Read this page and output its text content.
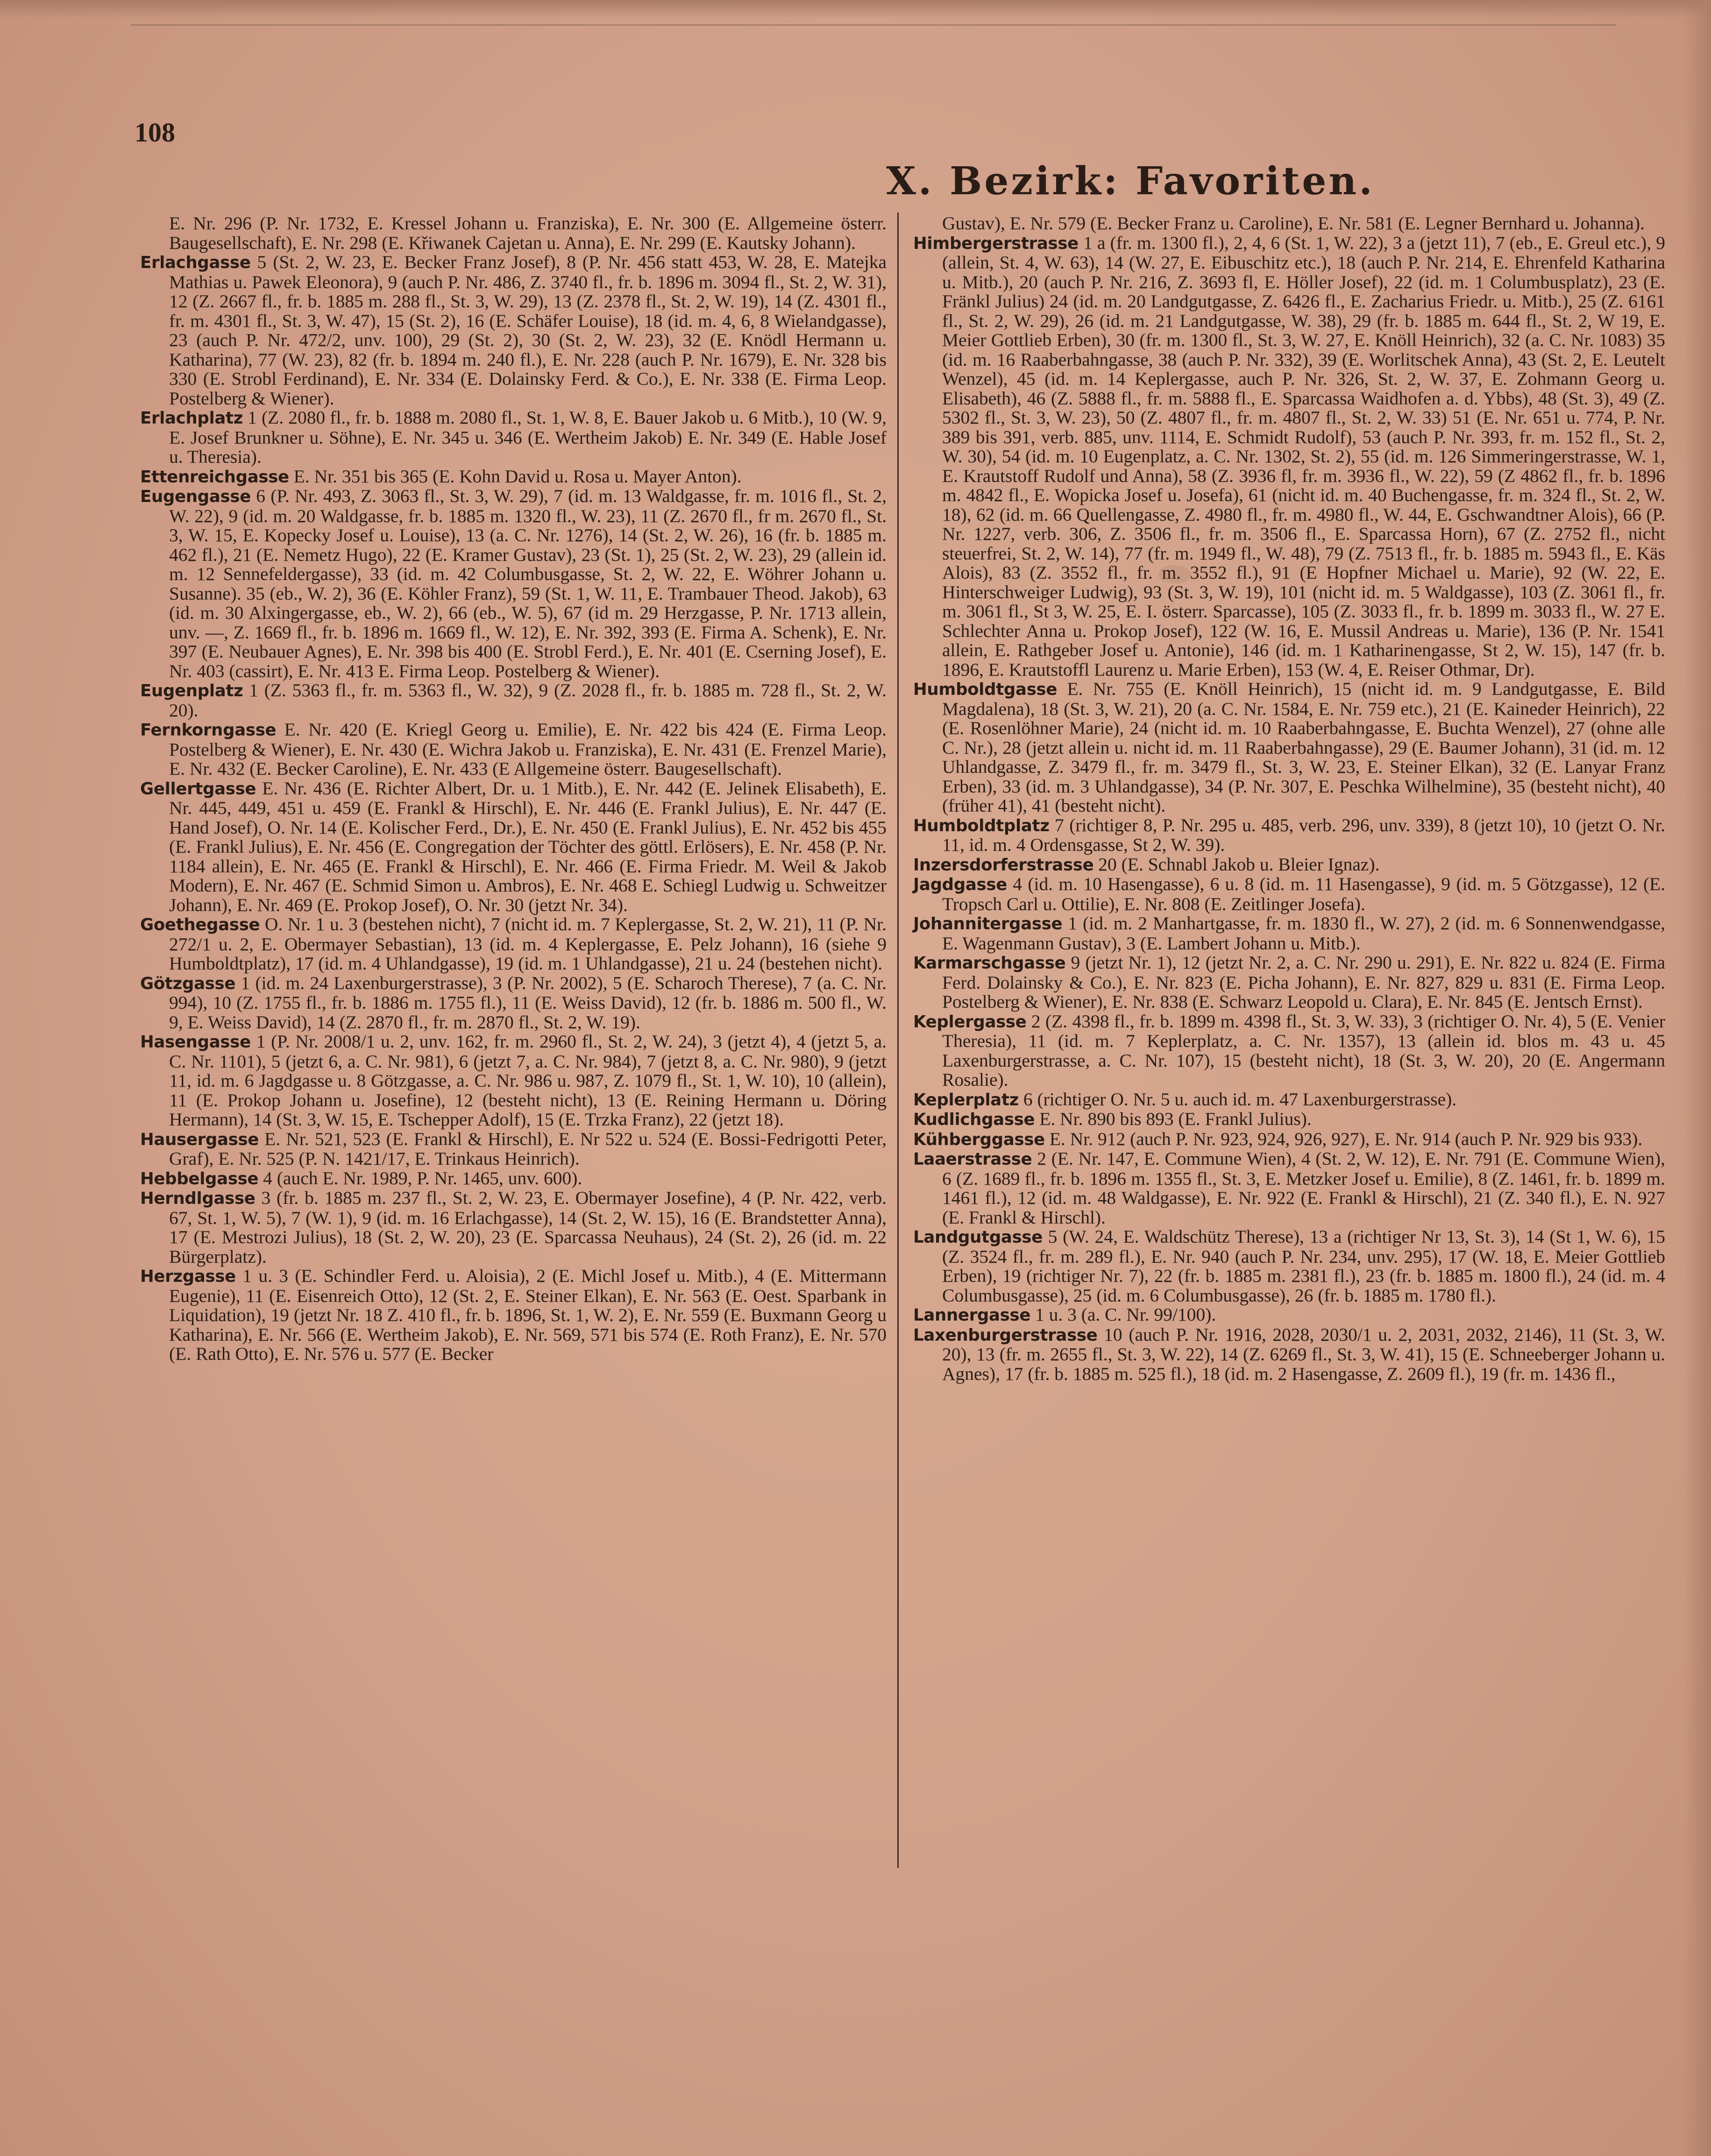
108
X. Bezirk: Favoriten.

E. Nr. 296 (P. Nr. 1732, E. Kressel Johann u. Franziska), E. Nr. 300 (E. Allgemeine österr. Baugesellschaft), E. Nr. 298 (E. Křiwanek Cajetan u. Anna), E. Nr. 299 (E. Kautsky Johann).

Erlachgasse 5 (St. 2, W. 23, E. Becker Franz Josef), 8 (P. Nr. 456 statt 453, W. 28, E. Matejka Mathias u. Pawek Eleonora), 9 (auch P. Nr. 486, Z. 3740 fl., fr. b. 1896 m. 3094 fl., St. 2, W. 31), 12 (Z. 2667 fl., fr. b. 1885 m. 288 fl., St. 3, W. 29), 13 (Z. 2378 fl., St. 2, W. 19), 14 (Z. 4301 fl., fr. m. 4301 fl., St. 3, W. 47), 15 (St. 2), 16 (E. Schäfer Louise), 18 (id. m. 4, 6, 8 Wielandgasse), 23 (auch P. Nr. 472/2, unv. 100), 29 (St. 2), 30 (St. 2, W. 23), 32 (E. Knödl Hermann u. Katharina), 77 (W. 23), 82 (fr. b. 1894 m. 240 fl.), E. Nr. 228 (auch P. Nr. 1679), E. Nr. 328 bis 330 (E. Strobl Ferdinand), E. Nr. 334 (E. Dolainsky Ferd. & Co.), E. Nr. 338 (E. Firma Leop. Postelberg & Wiener).

Erlachplatz 1 (Z. 2080 fl., fr. b. 1888 m. 2080 fl., St. 1, W. 8, E. Bauer Jakob u. 6 Mitb.), 10 (W. 9, E. Josef Brunkner u. Söhne), E. Nr. 345 u. 346 (E. Wertheim Jakob) E. Nr. 349 (E. Hable Josef u. Theresia).

Ettenreichgasse E. Nr. 351 bis 365 (E. Kohn David u. Rosa u. Mayer Anton).

Eugengasse 6 (P. Nr. 493, Z. 3063 fl., St. 3, W. 29), 7 (id. m. 13 Waldgasse, fr. m. 1016 fl., St. 2, W. 22), 9 (id. m. 20 Waldgasse, fr. b. 1885 m. 1320 fl., W. 23), 11 (Z. 2670 fl., fr m. 2670 fl., St. 3, W. 15, E. Kopecky Josef u. Louise), 13 (a. C. Nr. 1276), 14 (St. 2, W. 26), 16 (fr. b. 1885 m. 462 fl.), 21 (E. Nemetz Hugo), 22 (E. Kramer Gustav), 23 (St. 1), 25 (St. 2, W. 23), 29 (allein id. m. 12 Sennefeldergasse), 33 (id. m. 42 Columbusgasse, St. 2, W. 22, E. Wöhrer Johann u. Susanne). 35 (eb., W. 2), 36 (E. Köhler Franz), 59 (St. 1, W. 11, E. Trambauer Theod. Jakob), 63 (id. m. 30 Alxingergasse, eb., W. 2), 66 (eb., W. 5), 67 (id m. 29 Herzgasse, P. Nr. 1713 allein, unv. —, Z. 1669 fl., fr. b. 1896 m. 1669 fl., W. 12), E. Nr. 392, 393 (E. Firma A. Schenk), E. Nr. 397 (E. Neubauer Agnes), E. Nr. 398 bis 400 (E. Strobl Ferd.), E. Nr. 401 (E. Cserning Josef), E. Nr. 403 (cassirt), E. Nr. 413 E. Firma Leop. Postelberg & Wiener).

Eugenplatz 1 (Z. 5363 fl., fr. m. 5363 fl., W. 32), 9 (Z. 2028 fl., fr. b. 1885 m. 728 fl., St. 2, W. 20).

Fernkorngasse E. Nr. 420 (E. Kriegl Georg u. Emilie), E. Nr. 422 bis 424 (E. Firma Leop. Postelberg & Wiener), E. Nr. 430 (E. Wichra Jakob u. Franziska), E. Nr. 431 (E. Frenzel Marie), E. Nr. 432 (E. Becker Caroline), E. Nr. 433 (E Allgemeine österr. Baugesellschaft).

Gellertgasse E. Nr. 436 (E. Richter Albert, Dr. u. 1 Mitb.), E. Nr. 442 (E. Jelinek Elisabeth), E. Nr. 445, 449, 451 u. 459 (E. Frankl & Hirschl), E. Nr. 446 (E. Frankl Julius), E. Nr. 447 (E. Hand Josef), O. Nr. 14 (E. Kolischer Ferd., Dr.), E. Nr. 450 (E. Frankl Julius), E. Nr. 452 bis 455 (E. Frankl Julius), E. Nr. 456 (E. Congregation der Töchter des göttl. Erlösers), E. Nr. 458 (P. Nr. 1184 allein), E. Nr. 465 (E. Frankl & Hirschl), E. Nr. 466 (E. Firma Friedr. M. Weil & Jakob Modern), E. Nr. 467 (E. Schmid Simon u. Ambros), E. Nr. 468 E. Schiegl Ludwig u. Schweitzer Johann), E. Nr. 469 (E. Prokop Josef), O. Nr. 30 (jetzt Nr. 34).

Goethegasse O. Nr. 1 u. 3 (bestehen nicht), 7 (nicht id. m. 7 Keplergasse, St. 2, W. 21), 11 (P. Nr. 272/1 u. 2, E. Obermayer Sebastian), 13 (id. m. 4 Keplergasse, E. Pelz Johann), 16 (siehe 9 Humboldtplatz), 17 (id. m. 4 Uhlandgasse), 19 (id. m. 1 Uhlandgasse), 21 u. 24 (bestehen nicht).

Götzgasse 1 (id. m. 24 Laxenburgerstrasse), 3 (P. Nr. 2002), 5 (E. Scharoch Therese), 7 (a. C. Nr. 994), 10 (Z. 1755 fl., fr. b. 1886 m. 1755 fl.), 11 (E. Weiss David), 12 (fr. b. 1886 m. 500 fl., W. 9, E. Weiss David), 14 (Z. 2870 fl., fr. m. 2870 fl., St. 2, W. 19).

Hasengasse 1 (P. Nr. 2008/1 u. 2, unv. 162, fr. m. 2960 fl., St. 2, W. 24), 3 (jetzt 4), 4 (jetzt 5, a. C. Nr. 1101), 5 (jetzt 6, a. C. Nr. 981), 6 (jetzt 7, a. C. Nr. 984), 7 (jetzt 8, a. C. Nr. 980), 9 (jetzt 11, id. m. 6 Jagdgasse u. 8 Götzgasse, a. C. Nr. 986 u. 987, Z. 1079 fl., St. 1, W. 10), 10 (allein), 11 (E. Prokop Johann u. Josefine), 12 (besteht nicht), 13 (E. Reining Hermann u. Döring Hermann), 14 (St. 3, W. 15, E. Tschepper Adolf), 15 (E. Trzka Franz), 22 (jetzt 18).

Hausergasse E. Nr. 521, 523 (E. Frankl & Hirschl), E. Nr 522 u. 524 (E. Bossi-Fedrigotti Peter, Graf), E. Nr. 525 (P. N. 1421/17, E. Trinkaus Heinrich).

Hebbelgasse 4 (auch E. Nr. 1989, P. Nr. 1465, unv. 600).

Herndlgasse 3 (fr. b. 1885 m. 237 fl., St. 2, W. 23, E. Obermayer Josefine), 4 (P. Nr. 422, verb. 67, St. 1, W. 5), 7 (W. 1), 9 (id. m. 16 Erlachgasse), 14 (St. 2, W. 15), 16 (E. Brandstetter Anna), 17 (E. Mestrozi Julius), 18 (St. 2, W. 20), 23 (E. Sparcassa Neuhaus), 24 (St. 2), 26 (id. m. 22 Bürgerplatz).

Herzgasse 1 u. 3 (E. Schindler Ferd. u. Aloisia), 2 (E. Michl Josef u. Mitb.), 4 (E. Mittermann Eugenie), 11 (E. Eisenreich Otto), 12 (St. 2, E. Steiner Elkan), E. Nr. 563 (E. Oest. Sparbank in Liquidation), 19 (jetzt Nr. 18 Z. 410 fl., fr. b. 1896, St. 1, W. 2), E. Nr. 559 (E. Buxmann Georg u Katharina), E. Nr. 566 (E. Wertheim Jakob), E. Nr. 569, 571 bis 574 (E. Roth Franz), E. Nr. 570 (E. Rath Otto), E. Nr. 576 u. 577 (E. Becker

Gustav), E. Nr. 579 (E. Becker Franz u. Caroline), E. Nr. 581 (E. Legner Bernhard u. Johanna).

Himbergerstrasse 1 a (fr. m. 1300 fl.), 2, 4, 6 (St. 1, W. 22), 3 a (jetzt 11), 7 (eb., E. Greul etc.), 9 (allein, St. 4, W. 63), 14 (W. 27, E. Eibuschitz etc.), 18 (auch P. Nr. 214, E. Ehrenfeld Katharina u. Mitb.), 20 (auch P. Nr. 216, Z. 3693 fl, E. Höller Josef), 22 (id. m. 1 Columbusplatz), 23 (E. Fränkl Julius) 24 (id. m. 20 Landgutgasse, Z. 6426 fl., E. Zacharius Friedr. u. Mitb.), 25 (Z. 6161 fl., St. 2, W. 29), 26 (id. m. 21 Landgutgasse, W. 38), 29 (fr. b. 1885 m. 644 fl., St. 2, W 19, E. Meier Gottlieb Erben), 30 (fr. m. 1300 fl., St. 3, W. 27, E. Knöll Heinrich), 32 (a. C. Nr. 1083) 35 (id. m. 16 Raaberbahngasse, 38 (auch P. Nr. 332), 39 (E. Worlitschek Anna), 43 (St. 2, E. Leutelt Wenzel), 45 (id. m. 14 Keplergasse, auch P. Nr. 326, St. 2, W. 37, E. Zohmann Georg u. Elisabeth), 46 (Z. 5888 fl., fr. m. 5888 fl., E. Sparcassa Waidhofen a. d. Ybbs), 48 (St. 3), 49 (Z. 5302 fl., St. 3, W. 23), 50 (Z. 4807 fl., fr. m. 4807 fl., St. 2, W. 33) 51 (E. Nr. 651 u. 774, P. Nr. 389 bis 391, verb. 885, unv. 1114, E. Schmidt Rudolf), 53 (auch P. Nr. 393, fr. m. 152 fl., St. 2, W. 30), 54 (id. m. 10 Eugenplatz, a. C. Nr. 1302, St. 2), 55 (id. m. 126 Simmeringerstrasse, W. 1, E. Krautstoff Rudolf und Anna), 58 (Z. 3936 fl, fr. m. 3936 fl., W. 22), 59 (Z 4862 fl., fr. b. 1896 m. 4842 fl., E. Wopicka Josef u. Josefa), 61 (nicht id. m. 40 Buchengasse, fr. m. 324 fl., St. 2, W. 18), 62 (id. m. 66 Quellengasse, Z. 4980 fl., fr. m. 4980 fl., W. 44, E. Gschwandtner Alois), 66 (P. Nr. 1227, verb. 306, Z. 3506 fl., fr. m. 3506 fl., E. Sparcassa Horn), 67 (Z. 2752 fl., nicht steuerfrei, St. 2, W. 14), 77 (fr. m. 1949 fl., W. 48), 79 (Z. 7513 fl., fr. b. 1885 m. 5943 fl., E. Käs Alois), 83 (Z. 3552 fl., fr. m. 3552 fl.), 91 (E Hopfner Michael u. Marie), 92 (W. 22, E. Hinterschweiger Ludwig), 93 (St. 3, W. 19), 101 (nicht id. m. 5 Waldgasse), 103 (Z. 3061 fl., fr. m. 3061 fl., St 3, W. 25, E. I. österr. Sparcasse), 105 (Z. 3033 fl., fr. b. 1899 m. 3033 fl., W. 27 E. Schlechter Anna u. Prokop Josef), 122 (W. 16, E. Mussil Andreas u. Marie), 136 (P. Nr. 1541 allein, E. Rathgeber Josef u. Antonie), 146 (id. m. 1 Katharinengasse, St 2, W. 15), 147 (fr. b. 1896, E. Krautstoffl Laurenz u. Marie Erben), 153 (W. 4, E. Reiser Othmar, Dr).

Humboldtgasse E. Nr. 755 (E. Knöll Heinrich), 15 (nicht id. m. 9 Landgutgasse, E. Bild Magdalena), 18 (St. 3, W. 21), 20 (a. C. Nr. 1584, E. Nr. 759 etc.), 21 (E. Kaineder Heinrich), 22 (E. Rosenlöhner Marie), 24 (nicht id. m. 10 Raaberbahngasse, E. Buchta Wenzel), 27 (ohne alle C. Nr.), 28 (jetzt allein u. nicht id. m. 11 Raaberbahngasse), 29 (E. Baumer Johann), 31 (id. m. 12 Uhlandgasse, Z. 3479 fl., fr. m. 3479 fl., St. 3, W. 23, E. Steiner Elkan), 32 (E. Lanyar Franz Erben), 33 (id. m. 3 Uhlandgasse), 34 (P. Nr. 307, E. Peschka Wilhelmine), 35 (besteht nicht), 40 (früher 41), 41 (besteht nicht).

Humboldtplatz 7 (richtiger 8, P. Nr. 295 u. 485, verb. 296, unv. 339), 8 (jetzt 10), 10 (jetzt O. Nr. 11, id. m. 4 Ordensgasse, St 2, W. 39).

Inzersdorferstrasse 20 (E. Schnabl Jakob u. Bleier Ignaz).

Jagdgasse 4 (id. m. 10 Hasengasse), 6 u. 8 (id. m. 11 Hasengasse), 9 (id. m. 5 Götzgasse), 12 (E. Tropsch Carl u. Ottilie), E. Nr. 808 (E. Zeitlinger Josefa).

Johannitergasse 1 (id. m. 2 Manhartgasse, fr. m. 1830 fl., W. 27), 2 (id. m. 6 Sonnenwendgasse, E. Wagenmann Gustav), 3 (E. Lambert Johann u. Mitb.).

Karmarschgasse 9 (jetzt Nr. 1), 12 (jetzt Nr. 2, a. C. Nr. 290 u. 291), E. Nr. 822 u. 824 (E. Firma Ferd. Dolainsky & Co.), E. Nr. 823 (E. Picha Johann), E. Nr. 827, 829 u. 831 (E. Firma Leop. Postelberg & Wiener), E. Nr. 838 (E. Schwarz Leopold u. Clara), E. Nr. 845 (E. Jentsch Ernst).

Keplergasse 2 (Z. 4398 fl., fr. b. 1899 m. 4398 fl., St. 3, W. 33), 3 (richtiger O. Nr. 4), 5 (E. Venier Theresia), 11 (id. m. 7 Keplerplatz, a. C. Nr. 1357), 13 (allein id. blos m. 43 u. 45 Laxenburgerstrasse, a. C. Nr. 107), 15 (besteht nicht), 18 (St. 3, W. 20), 20 (E. Angermann Rosalie).

Keplerplatz 6 (richtiger O. Nr. 5 u. auch id. m. 47 Laxenburgerstrasse).

Kudlichgasse E. Nr. 890 bis 893 (E. Frankl Julius).

Kühberggasse E. Nr. 912 (auch P. Nr. 923, 924, 926, 927), E. Nr. 914 (auch P. Nr. 929 bis 933).

Laaerstrasse 2 (E. Nr. 147, E. Commune Wien), 4 (St. 2, W. 12), E. Nr. 791 (E. Commune Wien), 6 (Z. 1689 fl., fr. b. 1896 m. 1355 fl., St. 3, E. Metzker Josef u. Emilie), 8 (Z. 1461, fr. b. 1899 m. 1461 fl.), 12 (id. m. 48 Waldgasse), E. Nr. 922 (E. Frankl & Hirschl), 21 (Z. 340 fl.), E. N. 927 (E. Frankl & Hirschl).

Landgutgasse 5 (W. 24, E. Waldschütz Therese), 13 a (richtiger Nr 13, St. 3), 14 (St 1, W. 6), 15 (Z. 3524 fl., fr. m. 289 fl.), E. Nr. 940 (auch P. Nr. 234, unv. 295), 17 (W. 18, E. Meier Gottlieb Erben), 19 (richtiger Nr. 7), 22 (fr. b. 1885 m. 2381 fl.), 23 (fr. b. 1885 m. 1800 fl.), 24 (id. m. 4 Columbusgasse), 25 (id. m. 6 Columbusgasse), 26 (fr. b. 1885 m. 1780 fl.).

Lannergasse 1 u. 3 (a. C. Nr. 99/100).

Laxenburgerstrasse 10 (auch P. Nr. 1916, 2028, 2030/1 u. 2, 2031, 2032, 2146), 11 (St. 3, W. 20), 13 (fr. m. 2655 fl., St. 3, W. 22), 14 (Z. 6269 fl., St. 3, W. 41), 15 (E. Schneeberger Johann u. Agnes), 17 (fr. b. 1885 m. 525 fl.), 18 (id. m. 2 Hasengasse, Z. 2609 fl.), 19 (fr. m. 1436 fl.,
